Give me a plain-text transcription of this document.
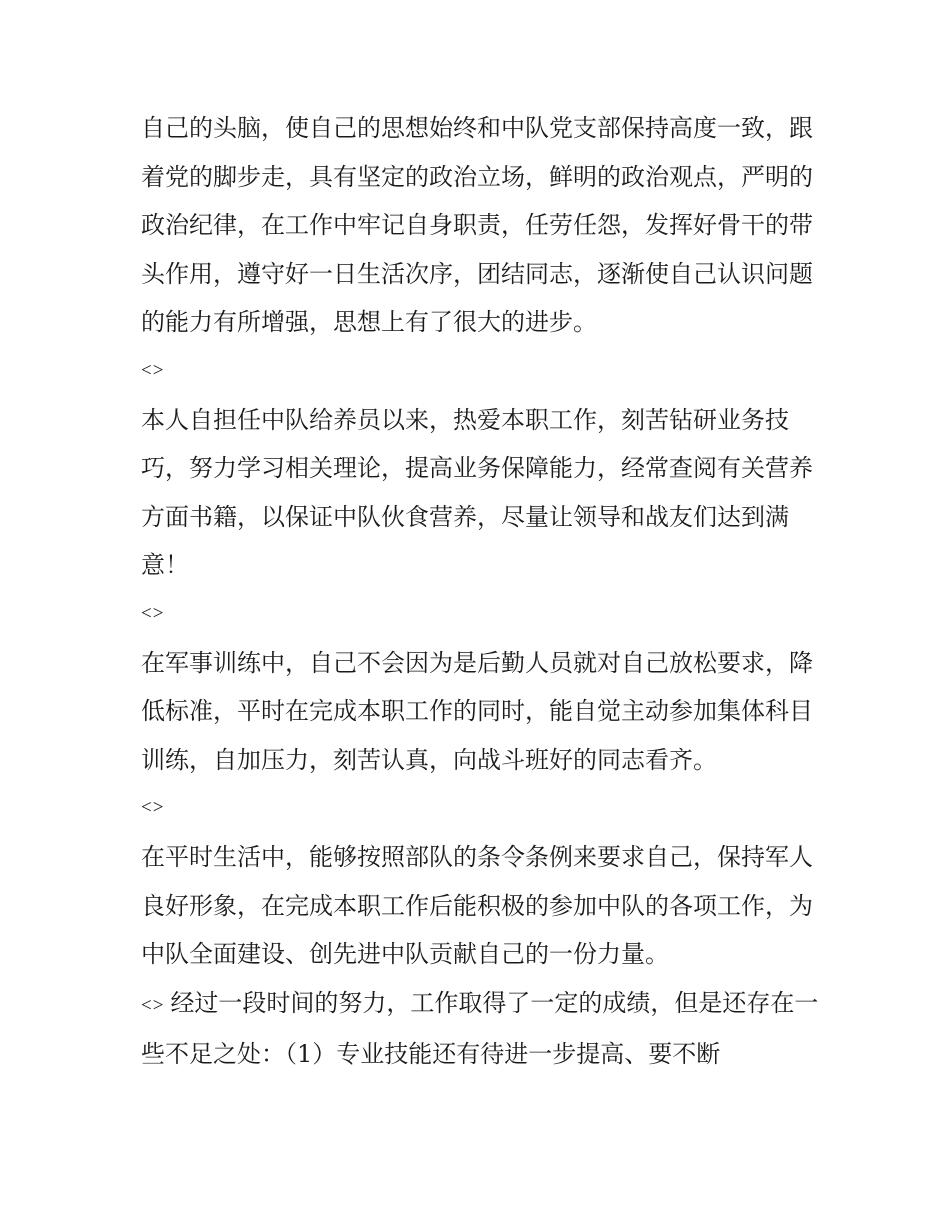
自己的头脑，使自己的思想始终和中队党支部保持高度一致，跟着党的脚步走，具有坚定的政治立场，鲜明的政治观点，严明的政治纪律，在工作中牢记自身职责，任劳任怨，发挥好骨干的带头作用，遵守好一日生活次序，团结同志，逐渐使自己认识问题的能力有所增强，思想上有了很大的进步。

<>

本人自担任中队给养员以来，热爱本职工作，刻苦钻研业务技巧，努力学习相关理论，提高业务保障能力，经常查阅有关营养方面书籍，以保证中队伙食营养，尽量让领导和战友们达到满意！

<>

在军事训练中，自己不会因为是后勤人员就对自己放松要求，降低标准，平时在完成本职工作的同时，能自觉主动参加集体科目训练，自加压力，刻苦认真，向战斗班好的同志看齐。

<>

在平时生活中，能够按照部队的条令条例来要求自己，保持军人良好形象，在完成本职工作后能积极的参加中队的各项工作，为中队全面建设、创先进中队贡献自己的一份力量。

<> 经过一段时间的努力，工作取得了一定的成绩，但是还存在一些不足之处：（1）专业技能还有待进一步提高、要不断
